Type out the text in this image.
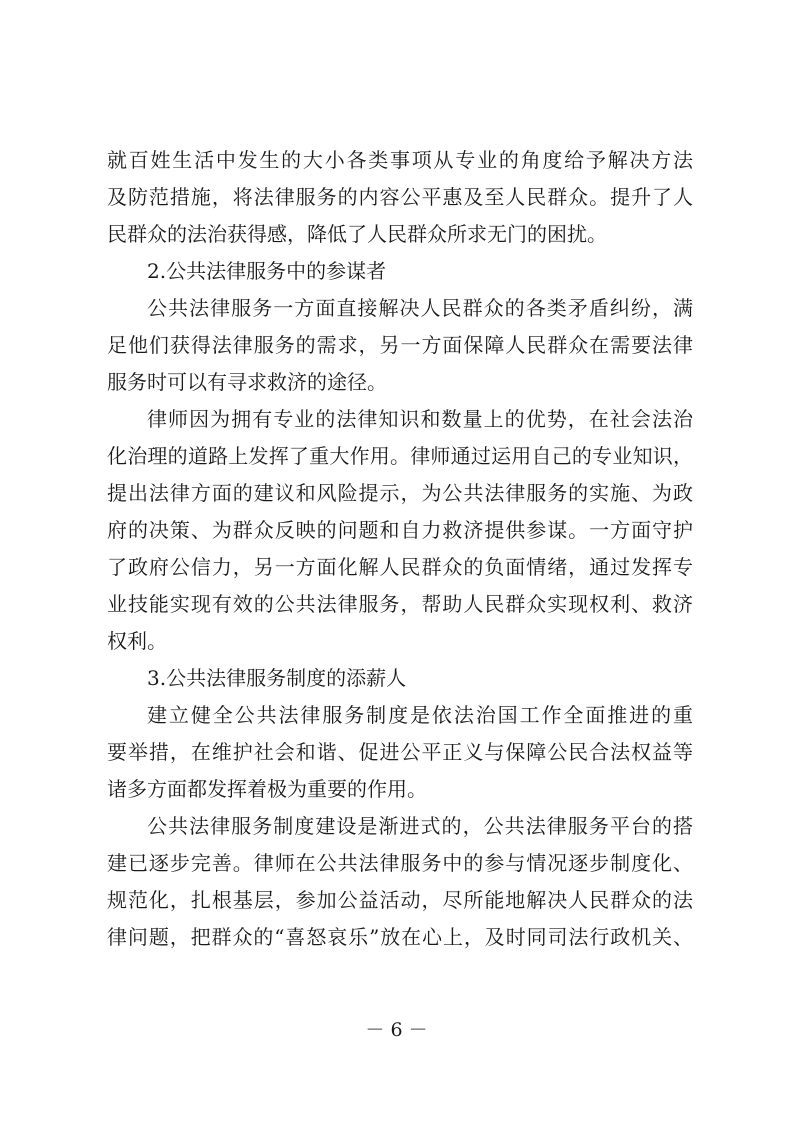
就百姓生活中发生的大小各类事项从专业的角度给予解决方法
及防范措施，将法律服务的内容公平惠及至人民群众。提升了人
民群众的法治获得感，降低了人民群众所求无门的困扰。
2.公共法律服务中的参谋者
公共法律服务一方面直接解决人民群众的各类矛盾纠纷，满
足他们获得法律服务的需求，另一方面保障人民群众在需要法律
服务时可以有寻求救济的途径。
律师因为拥有专业的法律知识和数量上的优势，在社会法治
化治理的道路上发挥了重大作用。律师通过运用自己的专业知识，
提出法律方面的建议和风险提示，为公共法律服务的实施、为政
府的决策、为群众反映的问题和自力救济提供参谋。一方面守护
了政府公信力，另一方面化解人民群众的负面情绪，通过发挥专
业技能实现有效的公共法律服务，帮助人民群众实现权利、救济
权利。
3.公共法律服务制度的添薪人
建立健全公共法律服务制度是依法治国工作全面推进的重
要举措，在维护社会和谐、促进公平正义与保障公民合法权益等
诸多方面都发挥着极为重要的作用。
公共法律服务制度建设是渐进式的，公共法律服务平台的搭
建已逐步完善。律师在公共法律服务中的参与情况逐步制度化、
规范化，扎根基层，参加公益活动，尽所能地解决人民群众的法
律问题，把群众的“喜怒哀乐”放在心上，及时同司法行政机关、
－ 6 －
